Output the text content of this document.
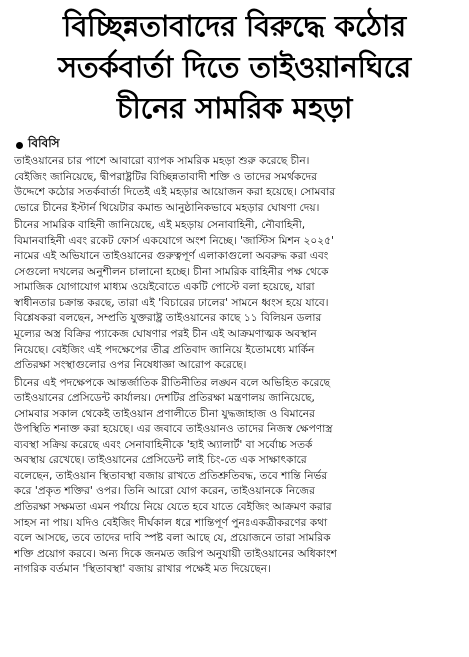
বিচ্ছিন্নতাবাদের বিরুদ্ধে কঠোর
সতর্কবার্তা দিতে তাইওয়ানঘিরে
চীনের সামরিক মহড়া
বিবিসি

তাইওয়ানের চার পাশে আবারো ব্যাপক সামরিক মহড়া শুরু করেছে চীন।
বেইজিং জানিয়েছে, দ্বীপরাষ্ট্রটির বিচ্ছিন্নতাবাদী শক্তি ও তাদের সমর্থকদের
উদ্দেশে কঠোর সতর্কবার্তা দিতেই এই মহড়ার আয়োজন করা হয়েছে। সোমবার
ভোরে চীনের ইস্টার্ন থিয়েটার কমান্ড আনুষ্ঠানিকভাবে মহড়ার ঘোষণা দেয়।

চীনের সামরিক বাহিনী জানিয়েছে, এই মহড়ায় সেনাবাহিনী, নৌবাহিনী,
বিমানবাহিনী এবং রকেট ফোর্স একযোগে অংশ নিচ্ছে। 'জাস্টিস মিশন ২০২৫'
নামের এই অভিযানে তাইওয়ানের গুরুত্বপূর্ণ এলাকাগুলো অবরুদ্ধ করা এবং
সেগুলো দখলের অনুশীলন চালানো হচ্ছে। চীনা সামরিক বাহিনীর পক্ষ থেকে
সামাজিক যোগাযোগ মাধ্যম ওয়েইবোতে একটি পোস্টে বলা হয়েছে, যারা
স্বাধীনতার চক্রান্ত করছে, তারা এই 'বিচারের ঢালের' সামনে ধ্বংস হয়ে যাবে।
বিশ্লেষকরা বলছেন, সম্প্রতি যুক্তরাষ্ট্র তাইওয়ানের কাছে ১১ বিলিয়ন ডলার
মূল্যের অস্ত্র বিক্রির প্যাকেজ ঘোষণার পরই চীন এই আক্রমণাত্মক অবস্থান
নিয়েছে। বেইজিং এই পদক্ষেপের তীব্র প্রতিবাদ জানিয়ে ইতোমধ্যে মার্কিন
প্রতিরক্ষা সংস্থাগুলোর ওপর নিষেধাজ্ঞা আরোপ করেছে।

চীনের এই পদক্ষেপকে আন্তর্জাতিক রীতিনীতির লঙ্ঘন বলে অভিহিত করেছে
তাইওয়ানের প্রেসিডেন্ট কার্যালয়। দেশটির প্রতিরক্ষা মন্ত্রণালয় জানিয়েছে,
সোমবার সকাল থেকেই তাইওয়ান প্রণালীতে চীনা যুদ্ধজাহাজ ও বিমানের
উপস্থিতি শনাক্ত করা হয়েছে। এর জবাবে তাইওয়ানও তাদের নিজস্ব ক্ষেপণাস্ত্র
ব্যবস্থা সক্রিয় করেছে এবং সেনাবাহিনীকে 'হাই অ্যালার্ট' বা সর্বোচ্চ সতর্ক
অবস্থায় রেখেছে। তাইওয়ানের প্রেসিডেন্ট লাই চিং-তে এক সাক্ষাৎকারে
বলেছেন, তাইওয়ান স্থিতাবস্থা বজায় রাখতে প্রতিশ্রুতিবদ্ধ, তবে শান্তি নির্ভর
করে 'প্রকৃত শক্তির' ওপর। তিনি আরো যোগ করেন, তাইওয়ানকে নিজের
প্রতিরক্ষা সক্ষমতা এমন পর্যায়ে নিয়ে যেতে হবে যাতে বেইজিং আক্রমণ করার
সাহস না পায়। যদিও বেইজিং দীর্ঘকাল ধরে শান্তিপূর্ণ পুনঃএকত্রীকরণের কথা
বলে আসছে, তবে তাদের দাবি স্পষ্ট বলা আছে যে, প্রয়োজনে তারা সামরিক
শক্তি প্রয়োগ করবে। অন্য দিকে জনমত জরিপ অনুযায়ী তাইওয়ানের অধিকাংশ
নাগরিক বর্তমান 'স্থিতাবস্থা' বজায় রাখার পক্ষেই মত দিয়েছেন।
